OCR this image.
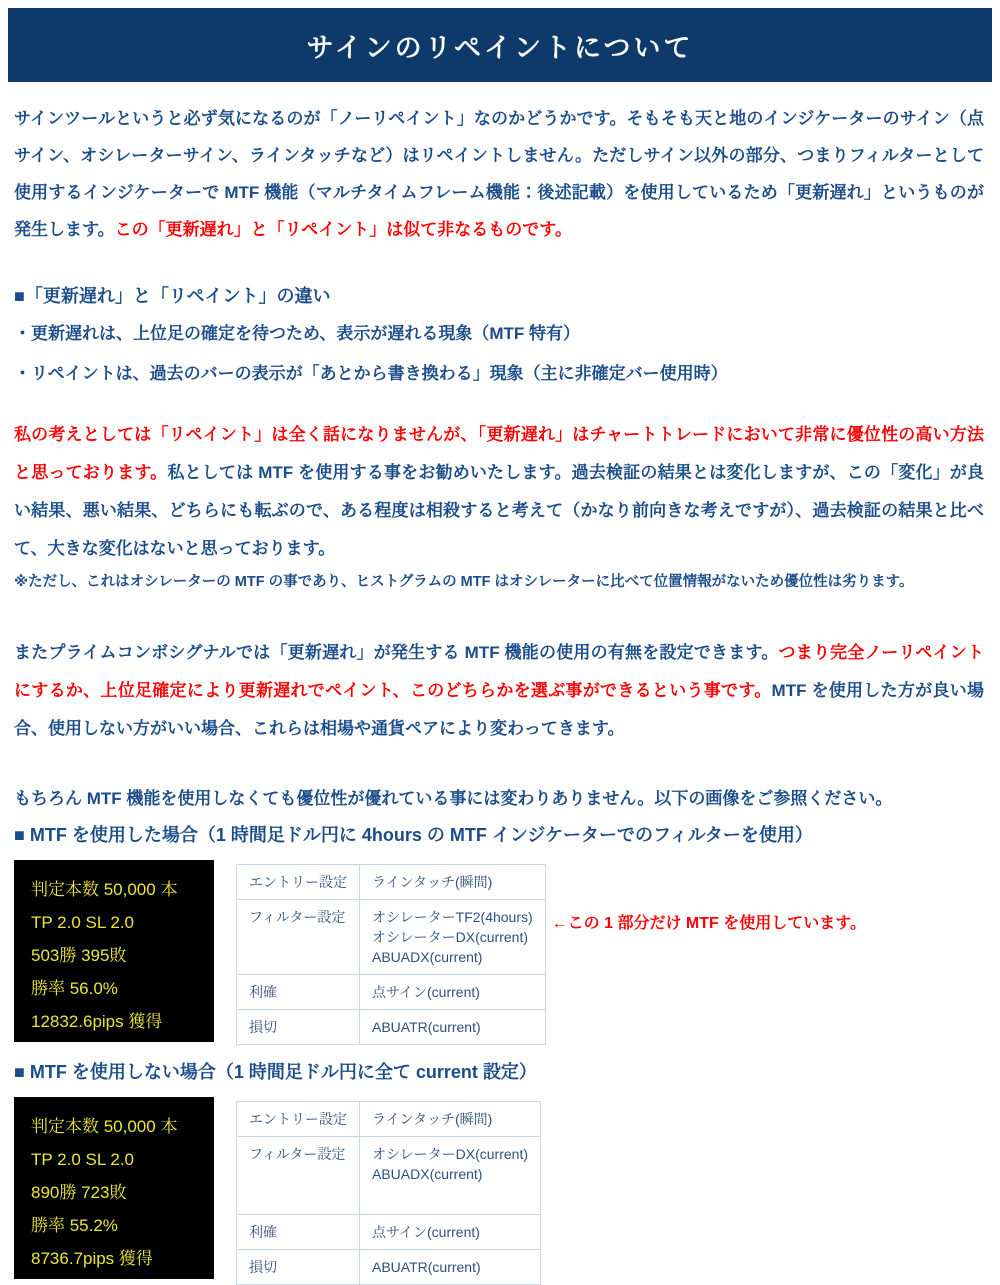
サインのリペイントについて

サインツールというと必ず気になるのが「ノーリペイント」なのかどうかです。そもそも天と地のインジケーターのサイン（点サイン、オシレーターサイン、ラインタッチなど）はリペイントしません。ただしサイン以外の部分、つまりフィルターとして使用するインジケーターで MTF 機能（マルチタイムフレーム機能：後述記載）を使用しているため「更新遅れ」というものが発生します。この「更新遅れ」と「リペイント」は似て非なるものです。

■「更新遅れ」と「リペイント」の違い

・更新遅れは、上位足の確定を待つため、表示が遅れる現象（MTF 特有）

・リペイントは、過去のバーの表示が「あとから書き換わる」現象（主に非確定バー使用時）

私の考えとしては「リペイント」は全く話になりませんが、「更新遅れ」はチャートトレードにおいて非常に優位性の高い方法と思っております。私としては MTF を使用する事をお勧めいたします。過去検証の結果とは変化しますが、この「変化」が良い結果、悪い結果、どちらにも転ぶので、ある程度は相殺すると考えて（かなり前向きな考えですが）、過去検証の結果と比べて、大きな変化はないと思っております。

※ただし、これはオシレーターの MTF の事であり、ヒストグラムの MTF はオシレーターに比べて位置情報がないため優位性は劣ります。

またプライムコンボシグナルでは「更新遅れ」が発生する MTF 機能の使用の有無を設定できます。つまり完全ノーリペイントにするか、上位足確定により更新遅れでペイント、このどちらかを選ぶ事ができるという事です。MTF を使用した方が良い場合、使用しない方がいい場合、これらは相場や通貨ペアにより変わってきます。

もちろん MTF 機能を使用しなくても優位性が優れている事には変わりありません。以下の画像をご参照ください。

■ MTF を使用した場合（1 時間足ドル円に 4hours の MTF インジケーターでのフィルターを使用）

判定本数 50,000 本
TP 2.0 SL 2.0
503勝 395敗
勝率 56.0%
12832.6pips 獲得
エントリー設定	ラインタッチ(瞬間)
フィルター設定	オシレーターTF2(4hours)
オシレーターDX(current)
ABUADX(current)

利確	点サイン(current)
損切	ABUATR(current)
←この 1 部分だけ MTF を使用しています。

■ MTF を使用しない場合（1 時間足ドル円に全て current 設定）

判定本数 50,000 本
TP 2.0 SL 2.0
890勝 723敗
勝率 55.2%
8736.7pips 獲得
エントリー設定	ラインタッチ(瞬間)
フィルター設定	オシレーターDX(current)
ABUADX(current)

利確	点サイン(current)
損切	ABUATR(current)
